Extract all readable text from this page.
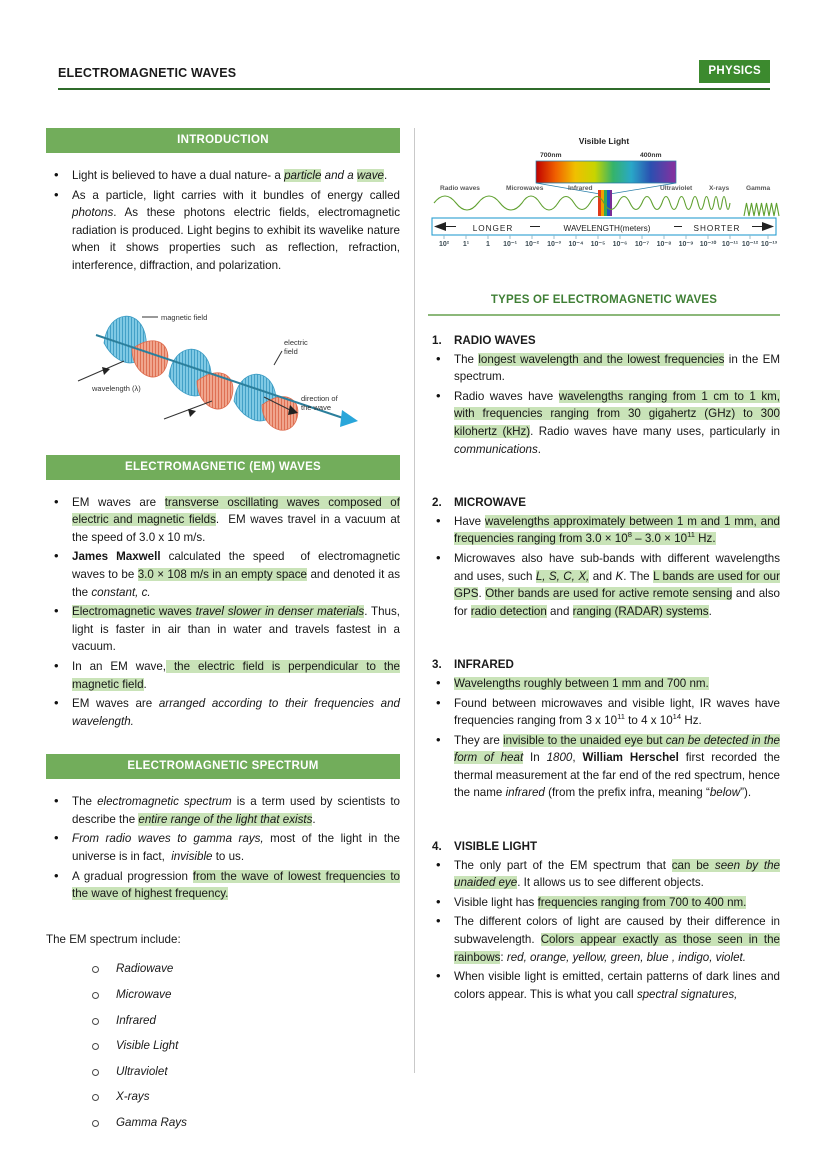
ELECTROMAGNETIC WAVES	PHYSICS
INTRODUCTION
• Light is believed to have a dual nature- a particle and a wave.
• As a particle, light carries with it bundles of energy called photons. As these photons electric fields, electromagnetic radiation is produced. Light begins to exhibit its wavelike nature when it shows properties such as reflection, refraction, interference, diffraction, and polarization.
magnetic field
electric
field
wavelength (λ)
direction of
the wave
ELECTROMAGNETIC (EM) WAVES
• EM waves are transverse oscillating waves composed of electric and magnetic fields.  EM waves travel in a vacuum at the speed of 3.0 x 10 m/s.
• James Maxwell calculated the speed  of electromagnetic waves to be 3.0 × 108 m/s in an empty space and denoted it as the constant, c.
• Electromagnetic waves travel slower in denser materials. Thus, light is faster in air than in water and travels fastest in a vacuum.
• In an EM wave, the electric field is perpendicular to the magnetic field.
• EM waves are arranged according to their frequencies and wavelength.
ELECTROMAGNETIC SPECTRUM
• The electromagnetic spectrum is a term used by scientists to describe the entire range of the light that exists.
• From radio waves to gamma rays, most of the light in the universe is in fact,  invisible to us.
• A gradual progression from the wave of lowest frequencies to the wave of highest frequency.
The EM spectrum include:
Radiowave
Microwave
Infrared
Visible Light
Ultraviolet
X-rays
Gamma Rays
Visible Light
700nm	400nm
Radio waves	Microwaves	Infrared	Ultraviolet	X-rays	Gamma
LONGER	WAVELENGTH(meters)	SHORTER
10² 1¹ 1 10⁻¹ 10⁻² 10⁻³ 10⁻⁴ 10⁻⁵ 10⁻⁶ 10⁻⁷ 10⁻⁸ 10⁻⁹ 10⁻¹⁰ 10⁻¹¹ 10⁻¹² 10⁻¹³
TYPES OF ELECTROMAGNETIC WAVES
1. RADIO WAVES
• The longest wavelength and the lowest frequencies in the EM spectrum.
• Radio waves have wavelengths ranging from 1 cm to 1 km, with frequencies ranging from 30 gigahertz (GHz) to 300 kilohertz (kHz). Radio waves have many uses, particularly in communications.
2. MICROWAVE
• Have wavelengths approximately between 1 m and 1 mm, and frequencies ranging from $3.0 \times 10^8 - 3.0 \times 10^{11}$ Hz.
• Microwaves also have sub-bands with different wavelengths and uses, such L, S, C, X, and K. The L bands are used for our GPS. Other bands are used for active remote sensing and also for radio detection and ranging (RADAR) systems.
3. INFRARED
• Wavelengths roughly between 1 mm and 700 nm.
• Found between microwaves and visible light, IR waves have frequencies ranging from 3 x $10^{11}$ to 4 x $10^{14}$ Hz.
• They are invisible to the unaided eye but can be detected in the form of heat In 1800, William Herschel first recorded the thermal measurement at the far end of the red spectrum, hence the name infrared (from the prefix infra, meaning “below”).
4. VISIBLE LIGHT
• The only part of the EM spectrum that can be seen by the unaided eye. It allows us to see different objects.
• Visible light has frequencies ranging from 700 to 400 nm.
• The different colors of light are caused by their difference in subwavelength. Colors appear exactly as those seen in the rainbows: red, orange, yellow, green, blue , indigo, violet.
• When visible light is emitted, certain patterns of dark lines and colors appear. This is what you call spectral signatures,
